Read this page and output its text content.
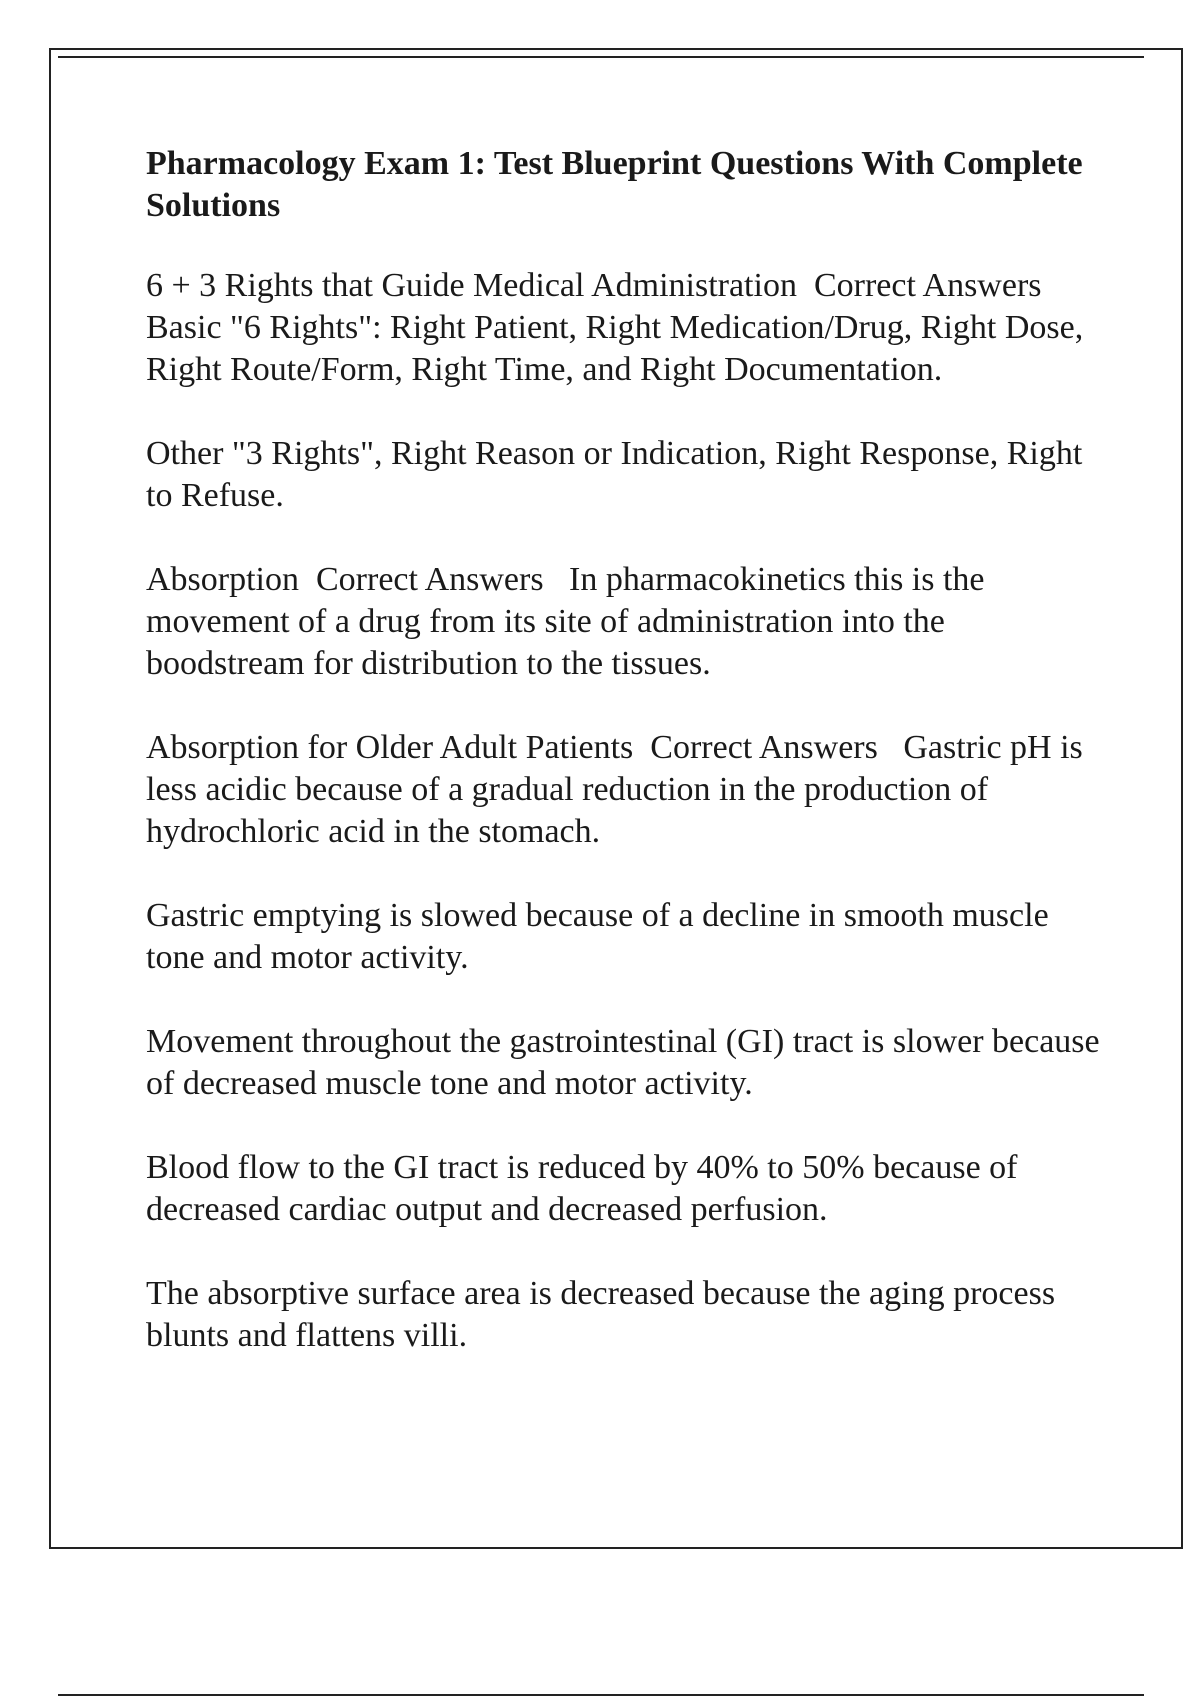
Pharmacology Exam 1: Test Blueprint Questions With Complete Solutions

6 + 3 Rights that Guide Medical Administration  Correct Answers   Basic "6 Rights": Right Patient, Right Medication/Drug, Right Dose, Right Route/Form, Right Time, and Right Documentation.

Other "3 Rights", Right Reason or Indication, Right Response, Right to Refuse.

Absorption  Correct Answers   In pharmacokinetics this is the movement of a drug from its site of administration into the boodstream for distribution to the tissues.

Absorption for Older Adult Patients  Correct Answers   Gastric pH is less acidic because of a gradual reduction in the production of hydrochloric acid in the stomach.

Gastric emptying is slowed because of a decline in smooth muscle tone and motor activity.

Movement throughout the gastrointestinal (GI) tract is slower because of decreased muscle tone and motor activity.

Blood flow to the GI tract is reduced by 40% to 50% because of decreased cardiac output and decreased perfusion.

The absorptive surface area is decreased because the aging process blunts and flattens villi.
